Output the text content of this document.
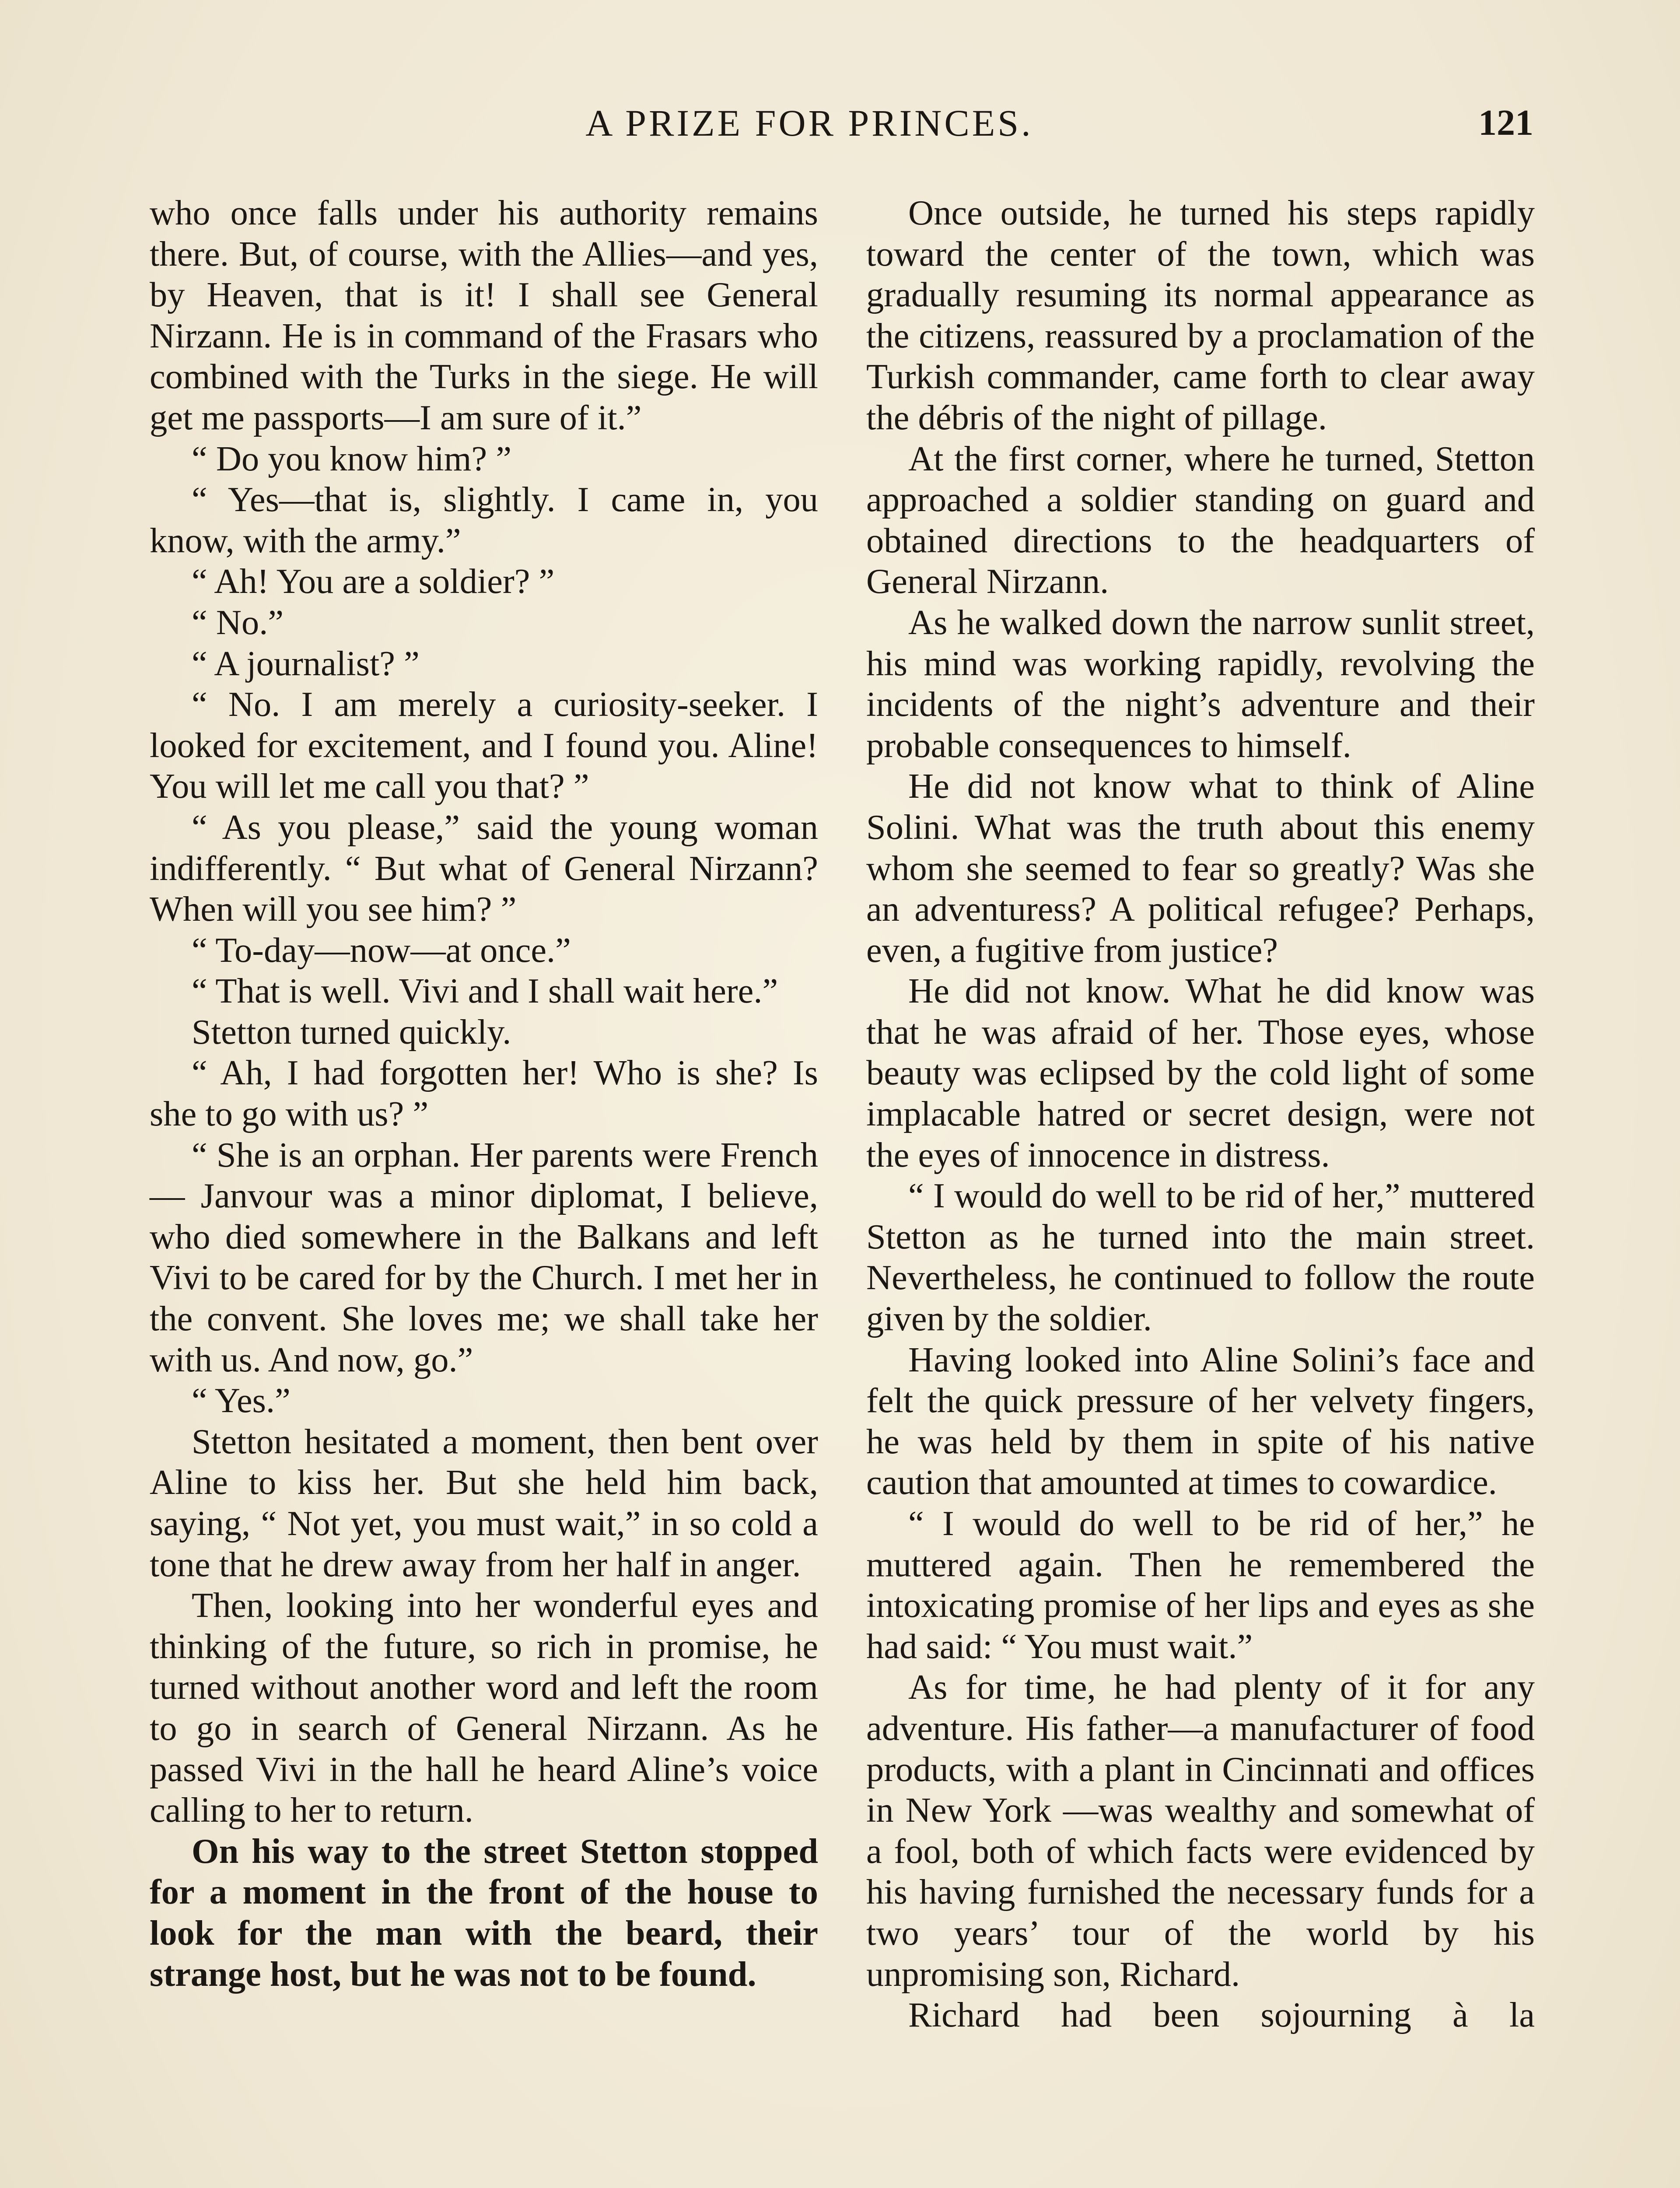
A PRIZE FOR PRINCES.	121

who once falls under his authority remains there. But, of course, with the Allies—and yes, by Heaven, that is it! I shall see General Nirzann. He is in command of the Frasars who combined with the Turks in the siege. He will get me passports—I am sure of it.”

“ Do you know him? ”

“ Yes—that is, slightly. I came in, you know, with the army.”

“ Ah! You are a soldier? ”

“ No.”

“ A journalist? ”

“ No. I am merely a curiosity-seeker. I looked for excitement, and I found you. Aline! You will let me call you that? ”

“ As you please,” said the young woman indifferently. “ But what of General Nirzann? When will you see him? ”

“ To-day—now—at once.”

“ That is well. Vivi and I shall wait here.”

Stetton turned quickly.

“ Ah, I had forgotten her! Who is she? Is she to go with us? ”

“ She is an orphan. Her parents were French — Janvour was a minor diplomat, I believe, who died somewhere in the Balkans and left Vivi to be cared for by the Church. I met her in the convent. She loves me; we shall take her with us. And now, go.”

“ Yes.”

Stetton hesitated a moment, then bent over Aline to kiss her. But she held him back, saying, “ Not yet, you must wait,” in so cold a tone that he drew away from her half in anger.

Then, looking into her wonderful eyes and thinking of the future, so rich in promise, he turned without another word and left the room to go in search of General Nirzann. As he passed Vivi in the hall he heard Aline’s voice calling to her to return.

On his way to the street Stetton stopped for a moment in the front of the house to look for the man with the beard, their strange host, but he was not to be found.

Once outside, he turned his steps rapidly toward the center of the town, which was gradually resuming its normal appearance as the citizens, reassured by a proclamation of the Turkish commander, came forth to clear away the débris of the night of pillage.

At the first corner, where he turned, Stetton approached a soldier standing on guard and obtained directions to the headquarters of General Nirzann.

As he walked down the narrow sunlit street, his mind was working rapidly, revolving the incidents of the night’s adventure and their probable consequences to himself.

He did not know what to think of Aline Solini. What was the truth about this enemy whom she seemed to fear so greatly? Was she an adventuress? A political refugee? Perhaps, even, a fugitive from justice?

He did not know. What he did know was that he was afraid of her. Those eyes, whose beauty was eclipsed by the cold light of some implacable hatred or secret design, were not the eyes of innocence in distress.

“ I would do well to be rid of her,” muttered Stetton as he turned into the main street. Nevertheless, he continued to follow the route given by the soldier.

Having looked into Aline Solini’s face and felt the quick pressure of her velvety fingers, he was held by them in spite of his native caution that amounted at times to cowardice.

“ I would do well to be rid of her,” he muttered again. Then he remembered the intoxicating promise of her lips and eyes as she had said: “ You must wait.”

As for time, he had plenty of it for any adventure. His father—a manufacturer of food products, with a plant in Cincinnati and offices in New York —was wealthy and somewhat of a fool, both of which facts were evidenced by his having furnished the necessary funds for a two years’ tour of the world by his unpromising son, Richard.

Richard had been sojourning à la
